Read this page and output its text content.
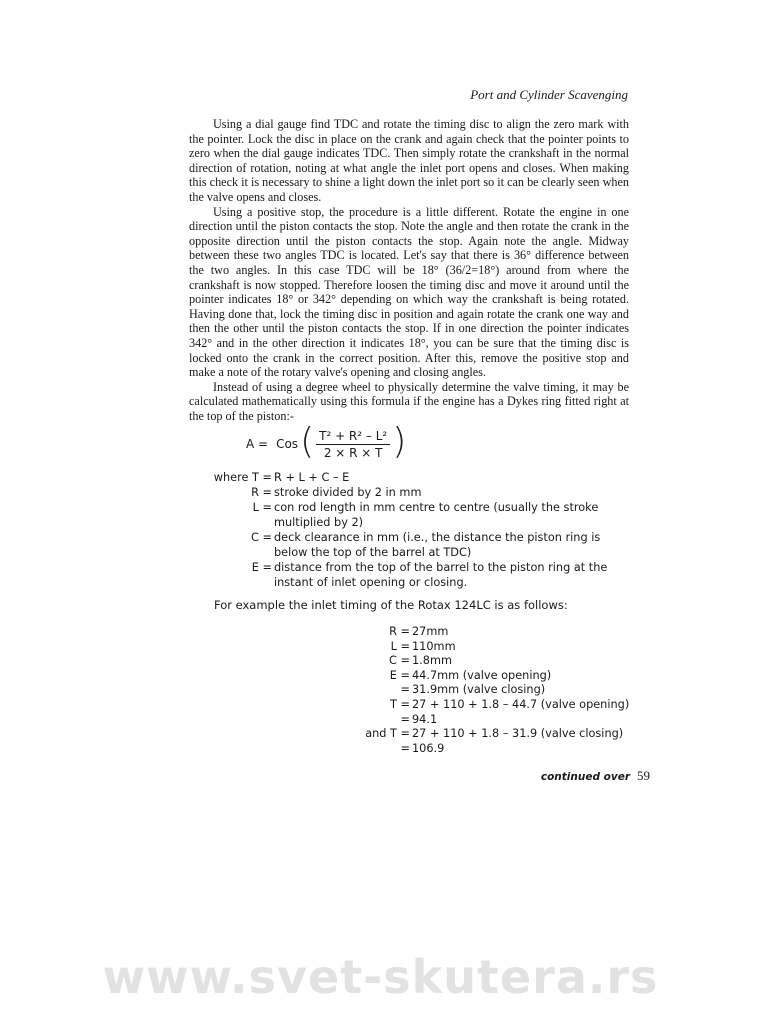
Port and Cylinder Scavenging

Using a dial gauge find TDC and rotate the timing disc to align the zero mark with the pointer. Lock the disc in place on the crank and again check that the pointer points to zero when the dial gauge indicates TDC. Then simply rotate the crankshaft in the normal direction of rotation, noting at what angle the inlet port opens and closes. When making this check it is necessary to shine a light down the inlet port so it can be clearly seen when the valve opens and closes.

Using a positive stop, the procedure is a little different. Rotate the engine in one direction until the piston contacts the stop. Note the angle and then rotate the crank in the opposite direction until the piston contacts the stop. Again note the angle. Midway between these two angles TDC is located. Let's say that there is 36° difference between the two angles. In this case TDC will be 18° (36/2=18°) around from where the crankshaft is now stopped. Therefore loosen the timing disc and move it around until the pointer indicates 18° or 342° depending on which way the crankshaft is being rotated. Having done that, lock the timing disc in position and again rotate the crank one way and then the other until the piston contacts the stop. If in one direction the pointer indicates 342° and in the other direction it indicates 18°, you can be sure that the timing disc is locked onto the crank in the correct position. After this, remove the positive stop and make a note of the rotary valve's opening and closing angles.

Instead of using a degree wheel to physically determine the valve timing, it may be calculated mathematically using this formula if the engine has a Dykes ring fitted right at the top of the piston:-

A = Cos ( $\frac{\text{T² + R² – L²}}{2 \times R \times T}$ )
where T = R + L + C – E
R = stroke divided by 2 in mm
L = con rod length in mm centre to centre (usually the stroke multiplied by 2)
C = deck clearance in mm (i.e., the distance the piston ring is below the top of the barrel at TDC)
E = distance from the top of the barrel to the piston ring at the instant of inlet opening or closing.
For example the inlet timing of the Rotax 124LC is as follows:
R = 27mm
L = 110mm
C = 1.8mm
E = 44.7mm (valve opening)
= 31.9mm (valve closing)
T = 27 + 110 + 1.8 – 44.7 (valve opening)
= 94.1
and T = 27 + 110 + 1.8 – 31.9 (valve closing)
= 106.9
continued over 59
www.svet-skutera.rs
